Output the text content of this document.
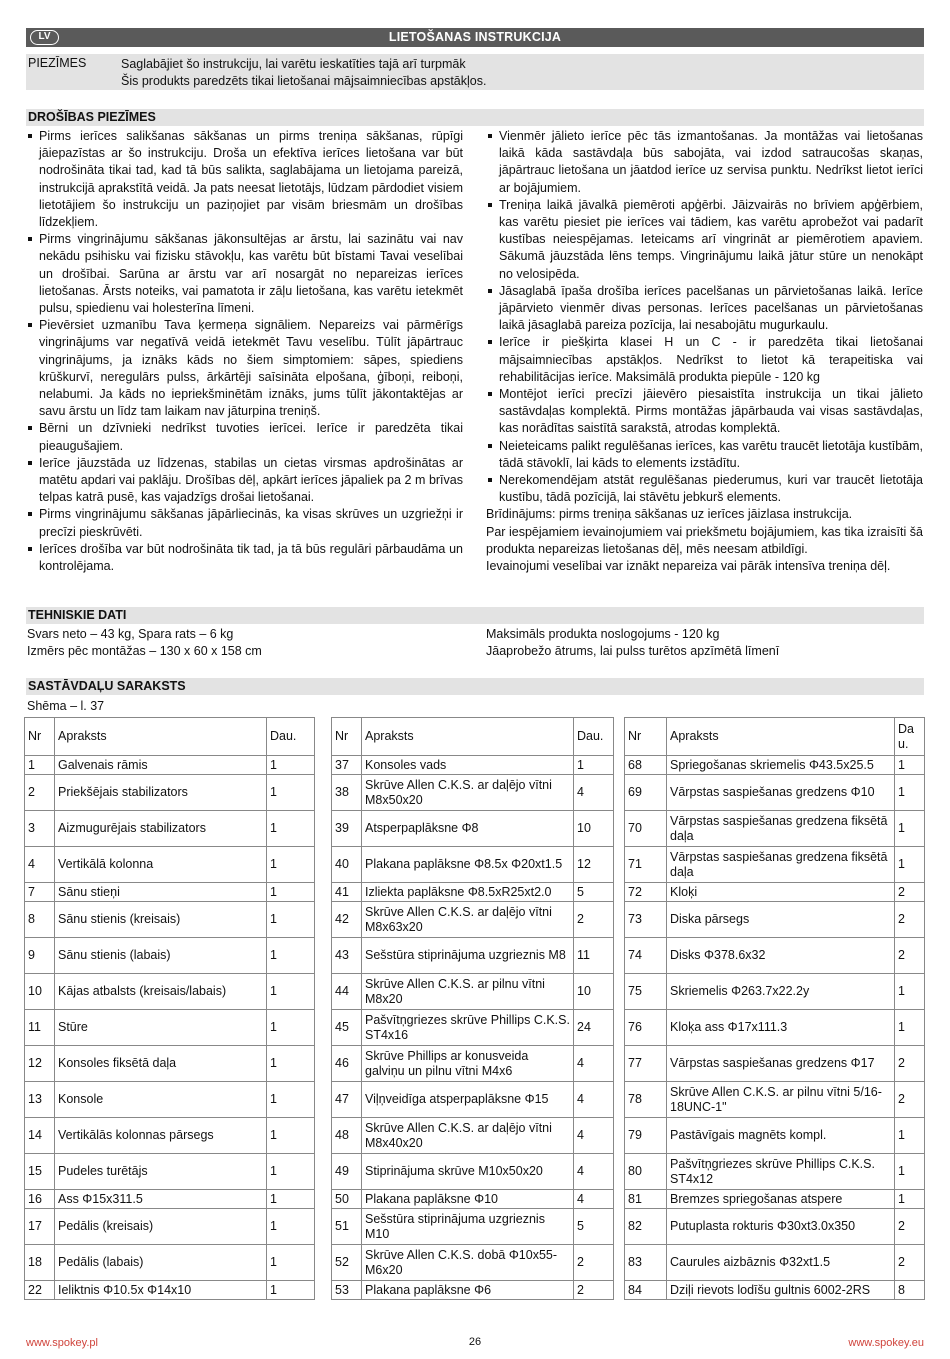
LV	LIETOŠANAS INSTRUKCIJA
PIEZĪMES	Saglabājiet šo instrukciju, lai varētu ieskatīties tajā arī turpmāk
Šis produkts paredzēts tikai lietošanai mājsaimniecības apstākļos.
DROŠĪBAS PIEZĪMES
Pirms ierīces salikšanas sākšanas un pirms treniņa sākšanas, rūpīgi jāiepazīstas ar šo instrukciju. Droša un efektīva ierīces lietošana var būt nodrošināta tikai tad, kad tā būs salikta, saglabājama un lietojama pareizā, instrukcijā aprakstītā veidā. Ja pats neesat lietotājs, lūdzam pārdodiet visiem lietotājiem šo instrukciju un paziņojiet par visām briesmām un drošības līdzekļiem.
Pirms vingrinājumu sākšanas jākonsultējas ar ārstu, lai sazinātu vai nav nekādu psihisku vai fizisku stāvokļu, kas varētu būt bīstami Tavai veselībai un drošībai. Sarūna ar ārstu var arī nosargāt no nepareizas ierīces lietošanas. Ārsts noteiks, vai pamatota ir zāļu lietošana, kas varētu ietekmēt pulsu, spiedienu vai holesterīna līmeni.
Pievērsiet uzmanību Tava ķermeņa signāliem. Nepareizs vai pārmērīgs vingrinājums var negatīvā veidā ietekmēt Tavu veselību. Tūlīt jāpārtrauc vingrinājums, ja iznāks kāds no šiem simptomiem: sāpes, spiediens krūškurvī, neregulārs pulss, ārkārtēji saīsināta elpošana, ģīboņi, reiboņi, nelabumi. Ja kāds no iepriekšminētām iznāks, jums tūlīt jākontaktējas ar savu ārstu un līdz tam laikam nav jāturpina treniņš.
Bērni un dzīvnieki nedrīkst tuvoties ierīcei. Ierīce ir paredzēta tikai pieaugušajiem.
Ierīce jāuzstāda uz līdzenas, stabilas un cietas virsmas apdrošinātas ar matētu apdari vai paklāju. Drošības dēļ, apkārt ierīces jāpaliek pa 2 m brīvas telpas katrā pusē, kas vajadzīgs drošai lietošanai.
Pirms vingrinājumu sākšanas jāpārliecinās, ka visas skrūves un uzgriežņi ir precīzi pieskrūvēti.
Ierīces drošība var būt nodrošināta tik tad, ja tā būs regulāri pārbaudāma un kontrolējama.
Vienmēr jālieto ierīce pēc tās izmantošanas. Ja montāžas vai lietošanas laikā kāda sastāvdaļa būs sabojāta, vai izdod satraucošas skaņas, jāpārtrauc lietošana un jāatdod ierīce uz servisa punktu. Nedrīkst lietot ierīci ar bojājumiem.
Treniņa laikā jāvalkā piemēroti apģērbi. Jāizvairās no brīviem apģērbiem, kas varētu piesiet pie ierīces vai tādiem, kas varētu aprobežot vai padarīt kustības neiespējamas. Ieteicams arī vingrināt ar piemērotiem apaviem. Sākumā jāuzstāda lēns temps. Vingrinājumu laikā jātur stūre un nenokāpt no velosipēda.
Jāsaglabā īpaša drošība ierīces pacelšanas un pārvietošanas laikā. Ierīce jāpārvieto vienmēr divas personas. Ierīces pacelšanas un pārvietošanas laikā jāsaglabā pareiza pozīcija, lai nesabojātu mugurkaulu.
Ierīce ir piešķirta klasei H un C - ir paredzēta tikai lietošanai mājsaimniecības apstākļos. Nedrīkst to lietot kā terapeitiska vai rehabilitācijas ierīce. Maksimālā produkta piepūle - 120 kg
Montējot ierīci precīzi jāievēro piesaistīta instrukcija un tikai jālieto sastāvdaļas komplektā. Pirms montāžas jāpārbauda vai visas sastāvdaļas, kas norādītas saistītā sarakstā, atrodas komplektā.
Neieteicams palikt regulēšanas ierīces, kas varētu traucēt lietotāja kustībām, tādā stāvoklī, lai kāds to elements izstādītu.
Nerekomendējam atstāt regulēšanas piederumus, kuri var traucēt lietotāja kustību, tādā pozīcijā, lai stāvētu jebkurš elements.

Brīdinājums: pirms treniņa sākšanas uz ierīces jāizlasa instrukcija.

Par iespējamiem ievainojumiem vai priekšmetu bojājumiem, kas tika izraisīti šā produkta nepareizas lietošanas dēļ, mēs neesam atbildīgi.

Ievainojumi veselībai var iznākt nepareiza vai pārāk intensīva treniņa dēļ.

TEHNISKIE DATI
Svars neto – 43 kg, Spara rats – 6 kg
Izmērs pēc montāžas – 130 x 60 x 158 cm
Maksimāls produkta noslogojums - 120 kg
Jāaprobežo ātrums, lai pulss turētos apzīmētā līmenī
SASTĀVDAĻU SARAKSTS
Shēma – l. 37
Nr	Apraksts	Dau.
1	Galvenais rāmis	1
2	Priekšējais stabilizators	1
3	Aizmugurējais stabilizators	1
4	Vertikālā kolonna	1
7	Sānu stieņi	1
8	Sānu stienis (kreisais)	1
9	Sānu stienis (labais)	1
10	Kājas atbalsts (kreisais/labais)	1
11	Stūre	1
12	Konsoles fiksētā daļa	1
13	Konsole	1
14	Vertikālās kolonnas pārsegs	1
15	Pudeles turētājs	1
16	Ass Φ15x311.5	1
17	Pedālis (kreisais)	1
18	Pedālis (labais)	1
22	Ieliktnis Φ10.5x Φ14x10	1
Nr	Apraksts	Dau.
37	Konsoles vads	1
38	Skrūve Allen C.K.S. ar daļējo vītni M8x50x20	4
39	Atsperpaplāksne Φ8	10
40	Plakana paplāksne Φ8.5x Φ20xt1.5	12
41	Izliekta paplāksne Φ8.5xR25xt2.0	5
42	Skrūve Allen C.K.S. ar daļējo vītni M8x63x20	2
43	Sešstūra stiprinājuma uzgrieznis M8	11
44	Skrūve Allen C.K.S. ar pilnu vītni M8x20	10
45	Pašvītņgriezes skrūve Phillips C.K.S. ST4x16	24
46	Skrūve Phillips ar konusveida galviņu un pilnu vītni M4x6	4
47	Viļņveidīga atsperpaplāksne Φ15	4
48	Skrūve Allen C.K.S. ar daļējo vītni M8x40x20	4
49	Stiprinājuma skrūve M10x50x20	4
50	Plakana paplāksne Φ10	4
51	Sešstūra stiprinājuma uzgrieznis M10	5
52	Skrūve Allen C.K.S. dobā Φ10x55-M6x20	2
53	Plakana paplāksne Φ6	2
Nr	Apraksts	Da u.
68	Spriegošanas skriemelis Φ43.5x25.5	1
69	Vārpstas saspiešanas gredzens Φ10	1
70	Vārpstas saspiešanas gredzena fiksētā daļa	1
71	Vārpstas saspiešanas gredzena fiksētā daļa	1
72	Kloķi	2
73	Diska pārsegs	2
74	Disks Φ378.6x32	2
75	Skriemelis Φ263.7x22.2y	1
76	Kloķa ass Φ17x111.3	1
77	Vārpstas saspiešanas gredzens Φ17	2
78	Skrūve Allen C.K.S. ar pilnu vītni 5/16-18UNC-1"	2
79	Pastāvīgais magnēts kompl.	1
80	Pašvītņgriezes skrūve Phillips C.K.S. ST4x12	1
81	Bremzes spriegošanas atspere	1
82	Putuplasta rokturis Φ30xt3.0x350	2
83	Caurules aizbāznis Φ32xt1.5	2
84	Dziļi rievots lodīšu gultnis 6002-2RS	8
www.spokey.pl	26	www.spokey.eu
